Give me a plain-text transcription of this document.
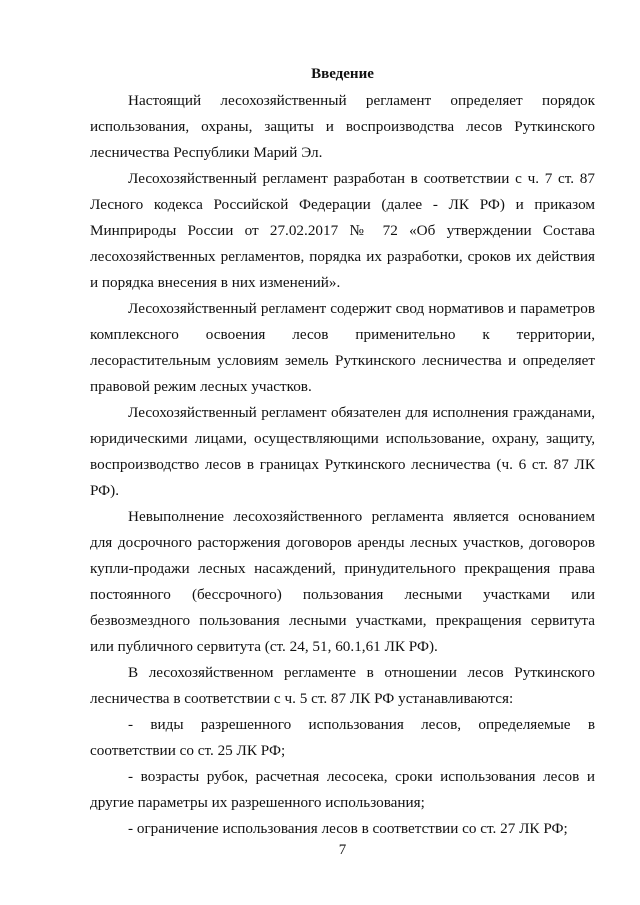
Введение

Настоящий лесохозяйственный регламент определяет порядок использования, охраны, защиты и воспроизводства лесов Руткинского лесничества Республики Марий Эл.

Лесохозяйственный регламент разработан в соответствии с ч. 7 ст. 87 Лесного кодекса Российской Федерации (далее - ЛК РФ) и приказом Минприроды России от 27.02.2017 № 72 «Об утверждении Состава лесохозяйственных регламентов, порядка их разработки, сроков их действия и порядка внесения в них изменений».

Лесохозяйственный регламент содержит свод нормативов и параметров комплексного освоения лесов применительно к территории, лесорастительным условиям земель Руткинского лесничества и определяет правовой режим лесных участков.

Лесохозяйственный регламент обязателен для исполнения гражданами, юридическими лицами, осуществляющими использование, охрану, защиту, воспроизводство лесов в границах Руткинского лесничества (ч. 6 ст. 87 ЛК РФ).

Невыполнение лесохозяйственного регламента является основанием для досрочного расторжения договоров аренды лесных участков, договоров купли-продажи лесных насаждений, принудительного прекращения права постоянного (бессрочного) пользования лесными участками или безвозмездного пользования лесными участками, прекращения сервитута или публичного сервитута (ст. 24, 51, 60.1,61 ЛК РФ).

В лесохозяйственном регламенте в отношении лесов Руткинского лесничества в соответствии с ч. 5 ст. 87 ЛК РФ устанавливаются:

- виды разрешенного использования лесов, определяемые в соответствии со ст. 25 ЛК РФ;

- возрасты рубок, расчетная лесосека, сроки использования лесов и другие параметры их разрешенного использования;

- ограничение использования лесов в соответствии со ст. 27 ЛК РФ;

7
